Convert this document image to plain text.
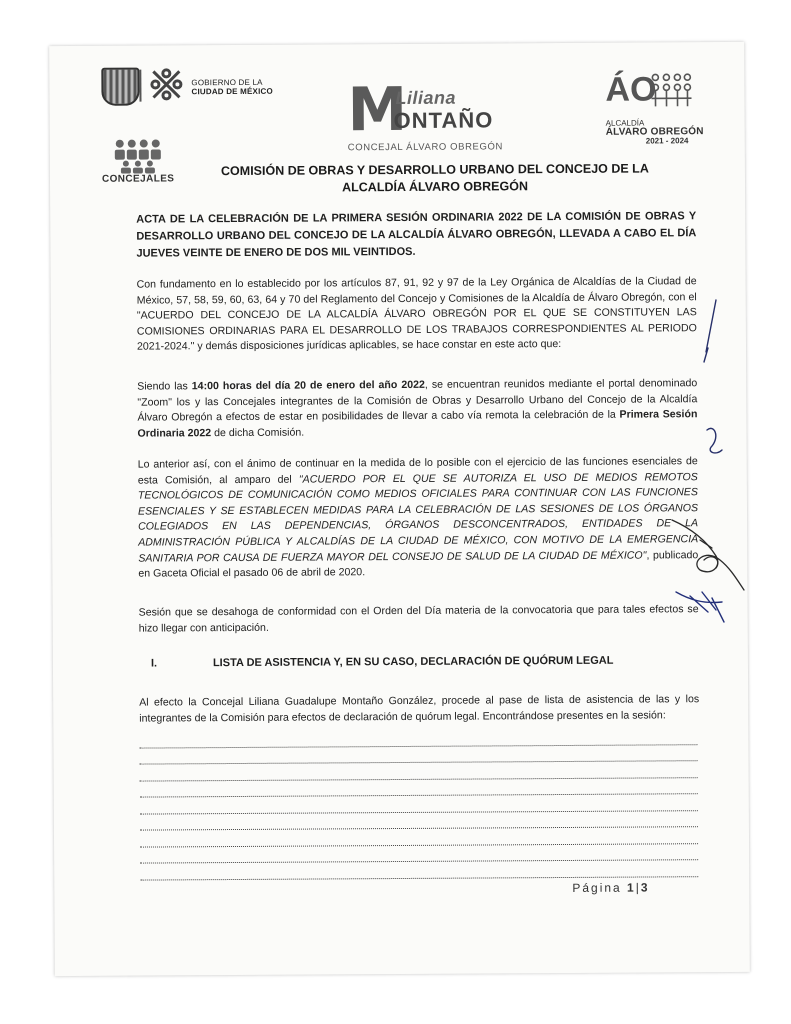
GOBIERNO DE LA
CIUDAD DE MÉXICO M
Liliana
ONTAÑO
CONCEJAL ÁLVARO OBREGÓN
ÁO
ALCALDÍA
ÁLVARO OBREGÓN
2021 - 2024
CONCEJALES
COMISIÓN DE OBRAS Y DESARROLLO URBANO DEL CONCEJO DE LA
ALCALDÍA ÁLVARO OBREGÓN
ACTA DE LA CELEBRACIÓN DE LA PRIMERA SESIÓN ORDINARIA 2022 DE LA COMISIÓN DE OBRAS Y DESARROLLO URBANO DEL CONCEJO DE LA ALCALDÍA ÁLVARO OBREGÓN, LLEVADA A CABO EL DÍA JUEVES VEINTE DE ENERO DE DOS MIL VEINTIDOS.
Con fundamento en lo establecido por los artículos 87, 91, 92 y 97 de la Ley Orgánica de Alcaldías de la Ciudad de México, 57, 58, 59, 60, 63, 64 y 70 del Reglamento del Concejo y Comisiones de la Alcaldía de Álvaro Obregón, con el "ACUERDO DEL CONCEJO DE LA ALCALDÍA ÁLVARO OBREGÓN POR EL QUE SE CONSTITUYEN LAS COMISIONES ORDINARIAS PARA EL DESARROLLO DE LOS TRABAJOS CORRESPONDIENTES AL PERIODO 2021-2024." y demás disposiciones jurídicas aplicables, se hace constar en este acto que:
Siendo las 14:00 horas del día 20 de enero del año 2022, se encuentran reunidos mediante el portal denominado "Zoom" los y las Concejales integrantes de la Comisión de Obras y Desarrollo Urbano del Concejo de la Alcaldía Álvaro Obregón a efectos de estar en posibilidades de llevar a cabo vía remota la celebración de la Primera Sesión Ordinaria 2022 de dicha Comisión.
Lo anterior así, con el ánimo de continuar en la medida de lo posible con el ejercicio de las funciones esenciales de esta Comisión, al amparo del "ACUERDO POR EL QUE SE AUTORIZA EL USO DE MEDIOS REMOTOS TECNOLÓGICOS DE COMUNICACIÓN COMO MEDIOS OFICIALES PARA CONTINUAR CON LAS FUNCIONES ESENCIALES Y SE ESTABLECEN MEDIDAS PARA LA CELEBRACIÓN DE LAS SESIONES DE LOS ÓRGANOS COLEGIADOS EN LAS DEPENDENCIAS, ÓRGANOS DESCONCENTRADOS, ENTIDADES DE LA ADMINISTRACIÓN PÚBLICA Y ALCALDÍAS DE LA CIUDAD DE MÉXICO, CON MOTIVO DE LA EMERGENCIA SANITARIA POR CAUSA DE FUERZA MAYOR DEL CONSEJO DE SALUD DE LA CIUDAD DE MÉXICO", publicado en Gaceta Oficial el pasado 06 de abril de 2020.
Sesión que se desahoga de conformidad con el Orden del Día materia de la convocatoria que para tales efectos se hizo llegar con anticipación.
I.	LISTA DE ASISTENCIA Y, EN SU CASO, DECLARACIÓN DE QUÓRUM LEGAL
Al efecto la Concejal Liliana Guadalupe Montaño González, procede al pase de lista de asistencia de las y los integrantes de la Comisión para efectos de declaración de quórum legal. Encontrándose presentes en la sesión:
Página 1|3
